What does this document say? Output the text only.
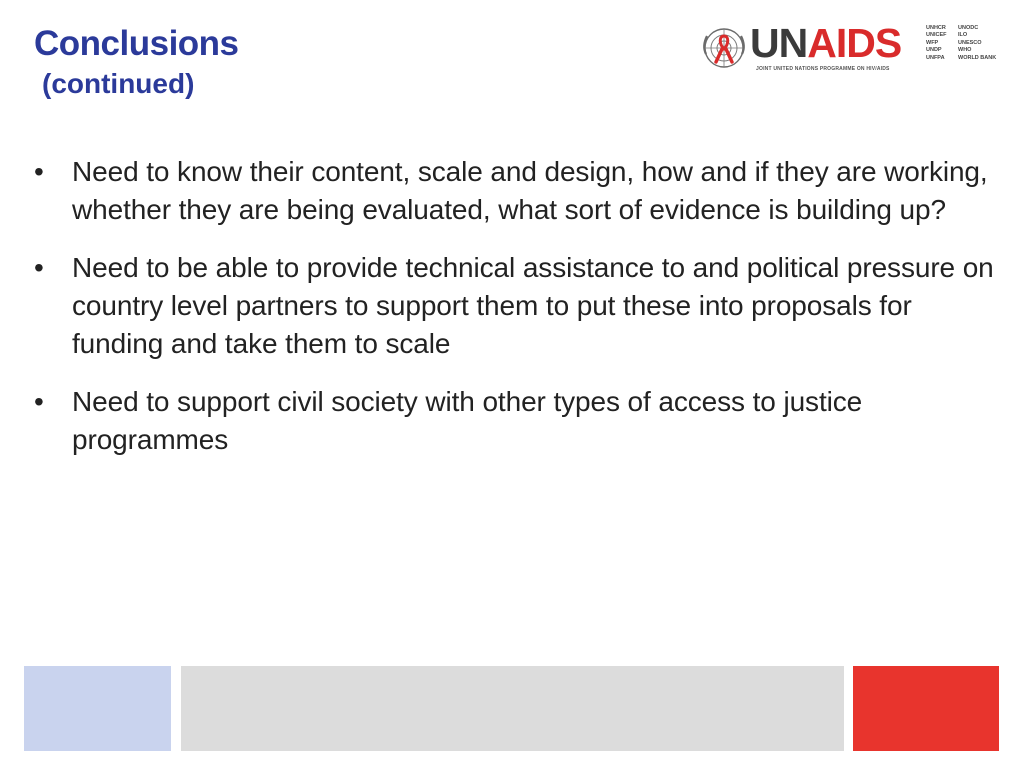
Conclusions
(continued)
UNAIDS
JOINT UNITED NATIONS PROGRAMME ON HIV/AIDS
UNHCR
UNICEF
WFP
UNDP
UNFPA
UNODC
ILO
UNESCO
WHO
WORLD BANK
• Need to know their content, scale and design, how and if they are working, whether they are being evaluated, what sort of evidence is building up?
• Need to be able to provide technical assistance to and political pressure on country level partners to support them to put these into proposals for funding and take them to scale
• Need to support civil society with other types of access to justice programmes
